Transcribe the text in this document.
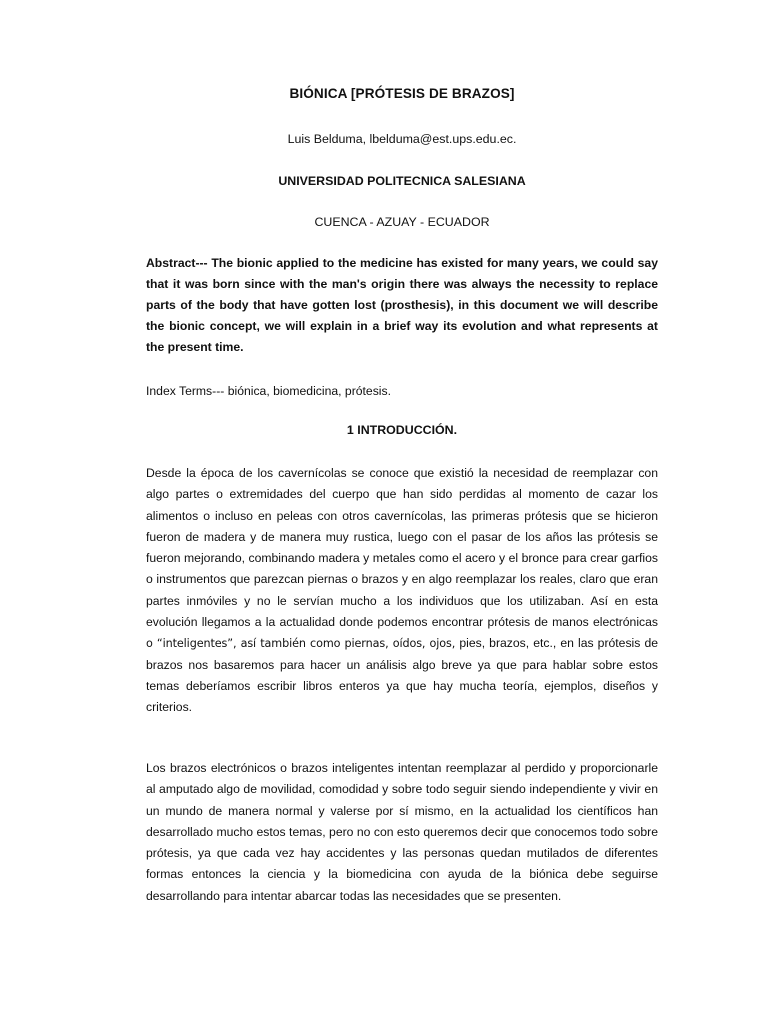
BIÓNICA [PRÓTESIS DE BRAZOS]
Luis Belduma, lbelduma@est.ups.edu.ec.
UNIVERSIDAD POLITECNICA SALESIANA
CUENCA - AZUAY - ECUADOR

Abstract--- The bionic applied to the medicine has existed for many years, we could say that it was born since with the man's origin there was always the necessity to replace parts of the body that have gotten lost (prosthesis), in this document we will describe the bionic concept, we will explain in a brief way its evolution and what represents at the present time.

Index Terms--- biónica, biomedicina, prótesis.

1 INTRODUCCIÓN.

Desde la época de los cavernícolas se conoce que existió la necesidad de reemplazar con algo partes o extremidades del cuerpo que han sido perdidas al momento de cazar los alimentos o incluso en peleas con otros cavernícolas, las primeras prótesis que se hicieron fueron de madera y de manera muy rustica, luego con el pasar de los años las prótesis se fueron mejorando, combinando madera y metales como el acero y el bronce para crear garfios o instrumentos que parezcan piernas o brazos y en algo reemplazar los reales, claro que eran partes inmóviles y no le servían mucho a los individuos que los utilizaban. Así en esta evolución llegamos a la actualidad donde podemos encontrar prótesis de manos electrónicas o “inteligentes”, así también como piernas, oídos, ojos, pies, brazos, etc., en las prótesis de brazos nos basaremos para hacer un análisis algo breve ya que para hablar sobre estos temas deberíamos escribir libros enteros ya que hay mucha teoría, ejemplos, diseños y criterios.

Los brazos electrónicos o brazos inteligentes intentan reemplazar al perdido y proporcionarle al amputado algo de movilidad, comodidad y sobre todo seguir siendo independiente y vivir en un mundo de manera normal y valerse por sí mismo, en la actualidad los científicos han desarrollado mucho estos temas, pero no con esto queremos decir que conocemos todo sobre prótesis, ya que cada vez hay accidentes y las personas quedan mutilados de diferentes formas entonces la ciencia y la biomedicina con ayuda de la biónica debe seguirse desarrollando para intentar abarcar todas las necesidades que se presenten.
